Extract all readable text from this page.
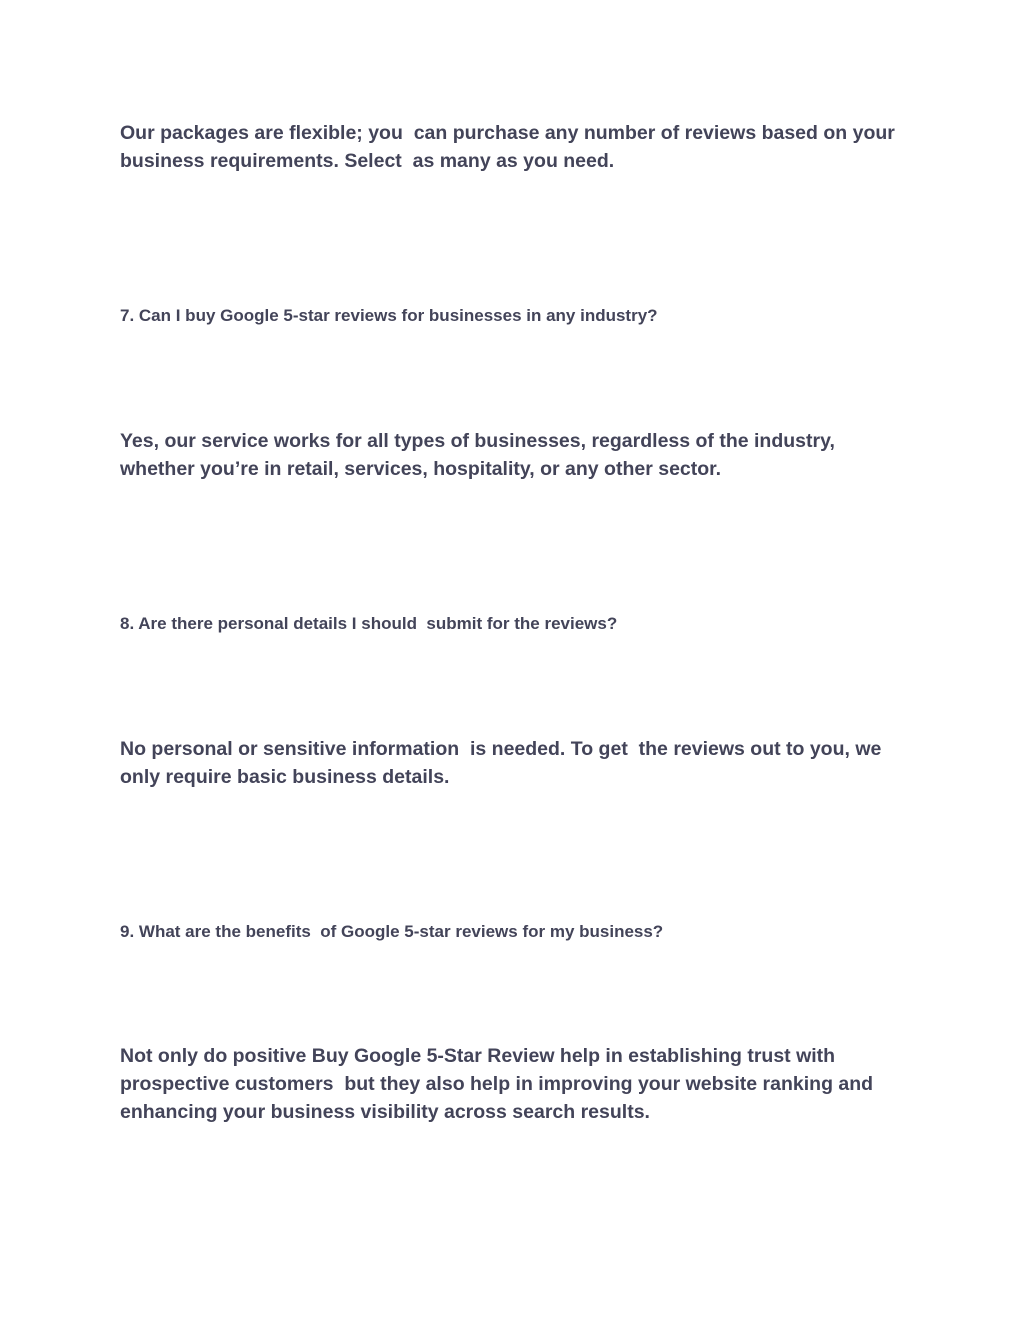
Our packages are flexible; you  can purchase any number of reviews based on your business requirements. Select  as many as you need.

7. Can I buy Google 5-star reviews for businesses in any industry?

Yes, our service works for all types of businesses, regardless of the industry, whether you’re in retail, services, hospitality, or any other sector.

8. Are there personal details I should  submit for the reviews?

No personal or sensitive information  is needed. To get  the reviews out to you, we only require basic business details.

9. What are the benefits  of Google 5-star reviews for my business?

Not only do positive Buy Google 5-Star Review help in establishing trust with prospective customers  but they also help in improving your website ranking and enhancing your business visibility across search results.
